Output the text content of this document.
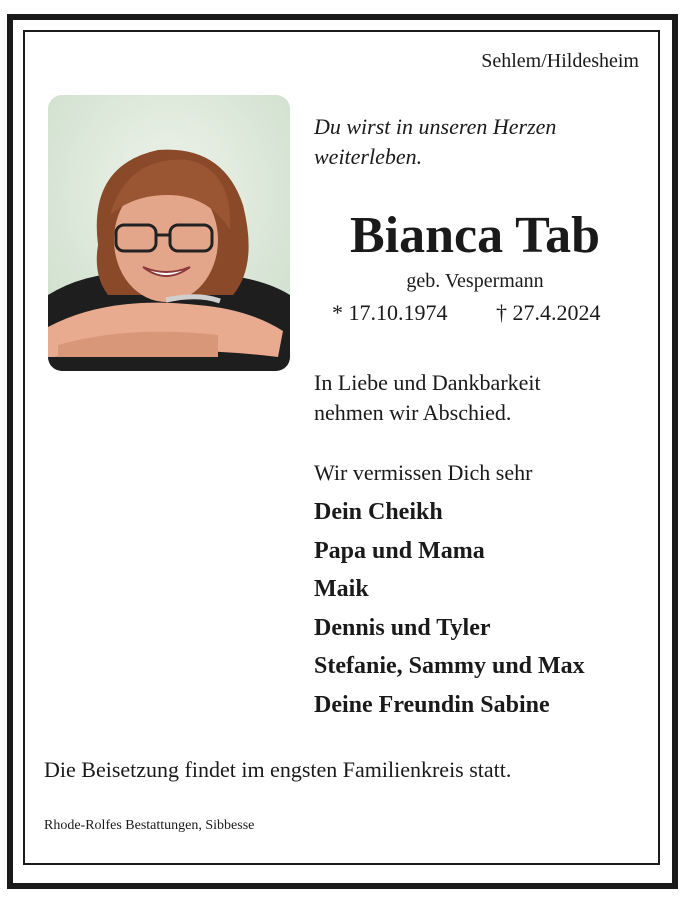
Sehlem/Hildesheim
Du wirst in unseren Herzen
weiterleben.
Bianca Tab
geb. Vespermann
* 17.10.1974 † 27.4.2024
In Liebe und Dankbarkeit
nehmen wir Abschied.
Wir vermissen Dich sehr
Dein Cheikh
Papa und Mama
Maik
Dennis und Tyler
Stefanie, Sammy und Max
Deine Freundin Sabine
Die Beisetzung findet im engsten Familienkreis statt.
Rhode-Rolfes Bestattungen, Sibbesse
